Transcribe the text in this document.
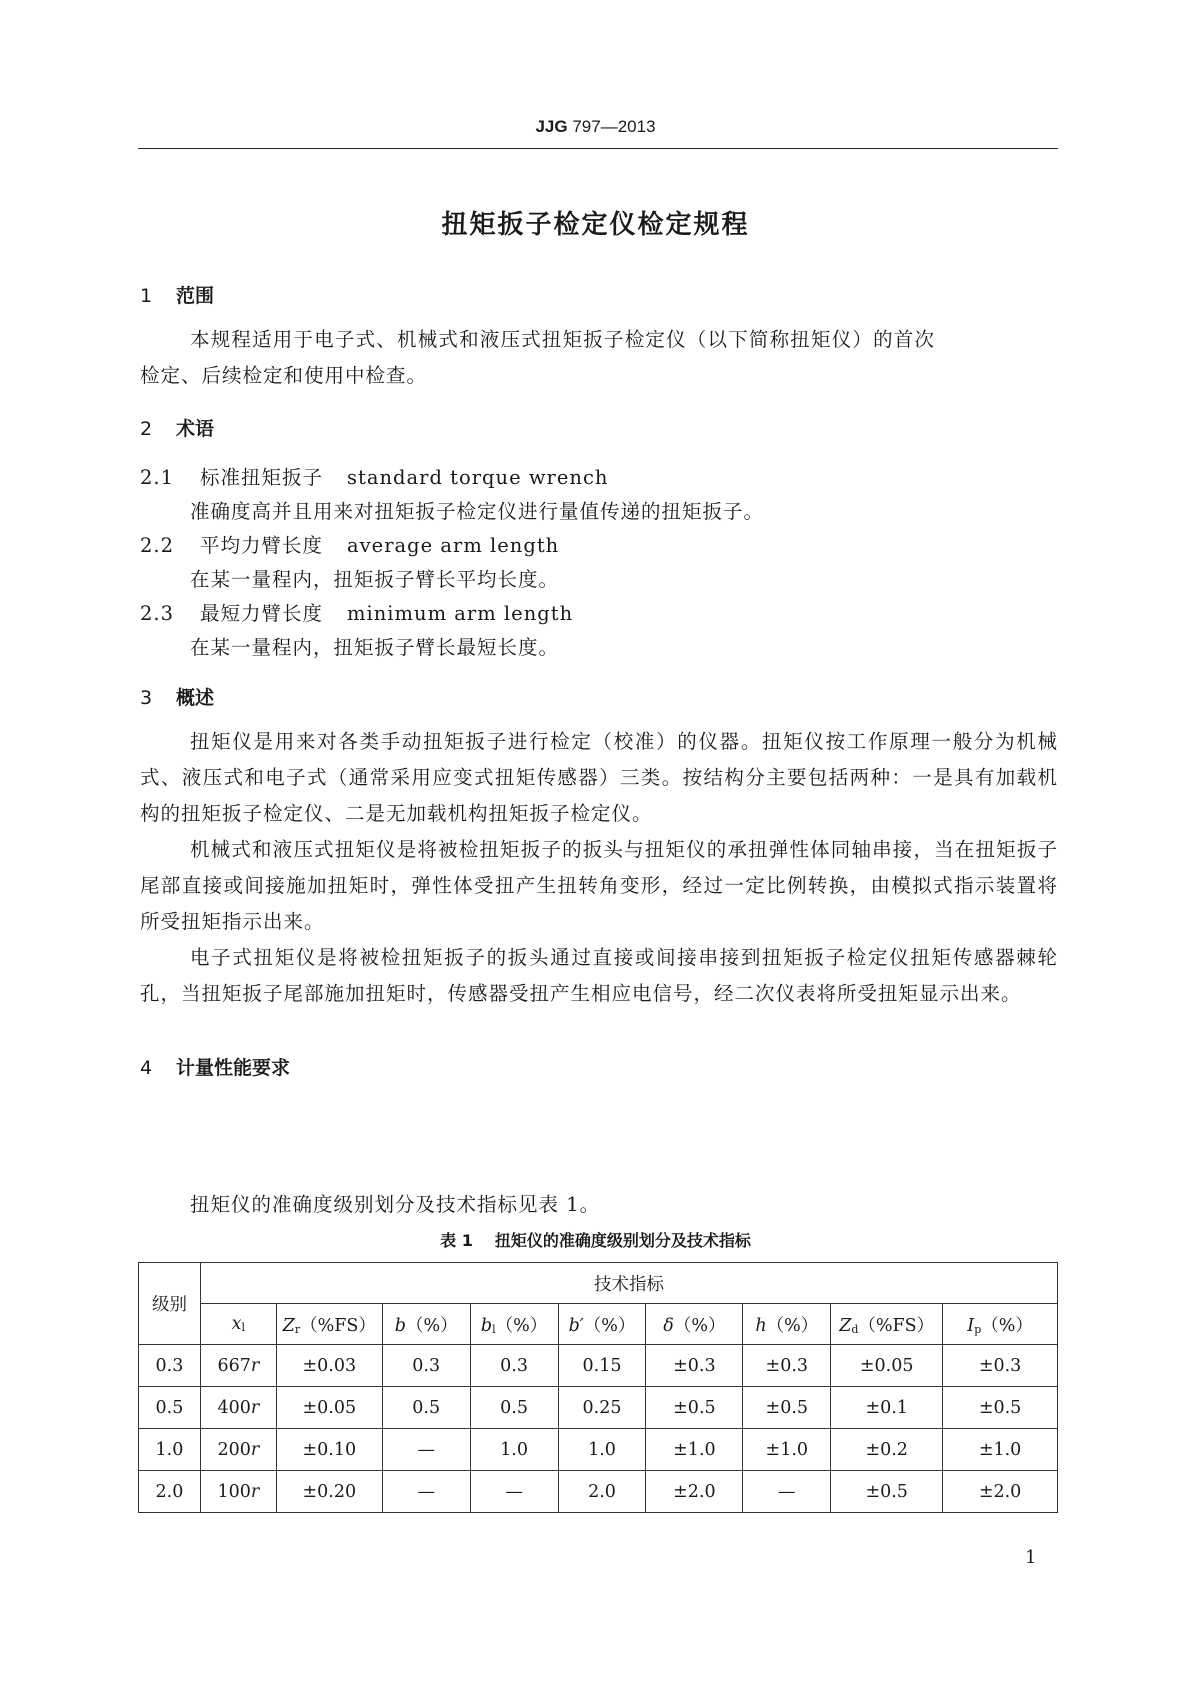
JJG 797—2013
扭矩扳子检定仪检定规程
1 范围
本规程适用于电子式、机械式和液压式扭矩扳子检定仪（以下简称扭矩仪）的首次
检定、后续检定和使用中检查。
2 术语
2.1 标准扭矩扳子 standard torque wrench
准确度高并且用来对扭矩扳子检定仪进行量值传递的扭矩扳子。
2.2 平均力臂长度 average arm length
在某一量程内，扭矩扳子臂长平均长度。
2.3 最短力臂长度 minimum arm length
在某一量程内，扭矩扳子臂长最短长度。
3 概述
扭矩仪是用来对各类手动扭矩扳子进行检定（校准）的仪器。扭矩仪按工作原理一般分为机械式、液压式和电子式（通常采用应变式扭矩传感器）三类。按结构分主要包括两种：一是具有加载机构的扭矩扳子检定仪、二是无加载机构扭矩扳子检定仪。
机械式和液压式扭矩仪是将被检扭矩扳子的扳头与扭矩仪的承扭弹性体同轴串接，当在扭矩扳子尾部直接或间接施加扭矩时，弹性体受扭产生扭转角变形，经过一定比例转换，由模拟式指示装置将所受扭矩指示出来。
电子式扭矩仪是将被检扭矩扳子的扳头通过直接或间接串接到扭矩扳子检定仪扭矩传感器棘轮孔，当扭矩扳子尾部施加扭矩时，传感器受扭产生相应电信号，经二次仪表将所受扭矩显示出来。
4 计量性能要求
扭矩仪的准确度级别划分及技术指标见表 1。
表 1 扭矩仪的准确度级别划分及技术指标
级别	技术指标								
	xl	Zr（%FS）	b（%）	bl（%）	b′（%）	δ（%）	h（%）	Zd（%FS）	Ip（%）
0.3	667r	±0.03	0.3	0.3	0.15	±0.3	±0.3	±0.05	±0.3
0.5	400r	±0.05	0.5	0.5	0.25	±0.5	±0.5	±0.1	±0.5
1.0	200r	±0.10	—	1.0	1.0	±1.0	±1.0	±0.2	±1.0
2.0	100r	±0.20	—	—	2.0	±2.0	—	±0.5	±2.0
1
